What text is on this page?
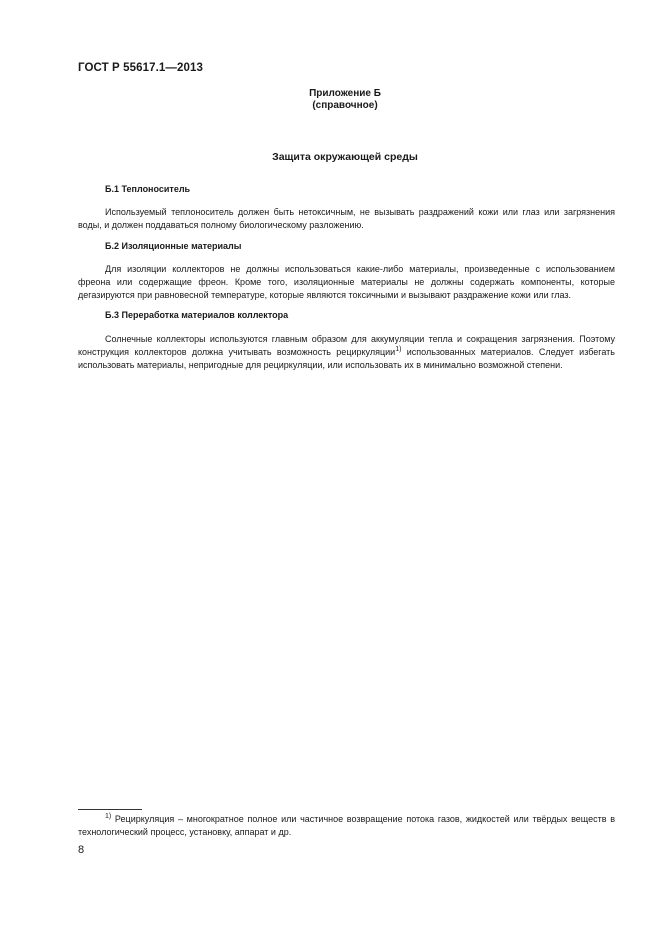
ГОСТ Р 55617.1—2013
Приложение Б
(справочное)
Защита окружающей среды
Б.1 Теплоноситель
Используемый теплоноситель должен быть нетоксичным, не вызывать раздражений кожи или глаз или загрязнения воды, и должен поддаваться полному биологическому разложению.
Б.2 Изоляционные материалы
Для изоляции коллекторов не должны использоваться какие-либо материалы, произведенные с использованием фреона или содержащие фреон. Кроме того, изоляционные материалы не должны содержать компоненты, которые дегазируются при равновесной температуре, которые являются токсичными и вызывают раздражение кожи или глаз.
Б.3 Переработка материалов коллектора
Солнечные коллекторы используются главным образом для аккумуляции тепла и сокращения загрязнения. Поэтому конструкция коллекторов должна учитывать возможность рециркуляции$^{1)}$ использованных материалов. Следует избегать использовать материалы, непригодные для рециркуляции, или использовать их в минимально возможной степени.
$^{1)}$ Рециркуляция – многократное полное или частичное возвращение потока газов, жидкостей или твёрдых веществ в технологический процесс, установку, аппарат и др.
8
